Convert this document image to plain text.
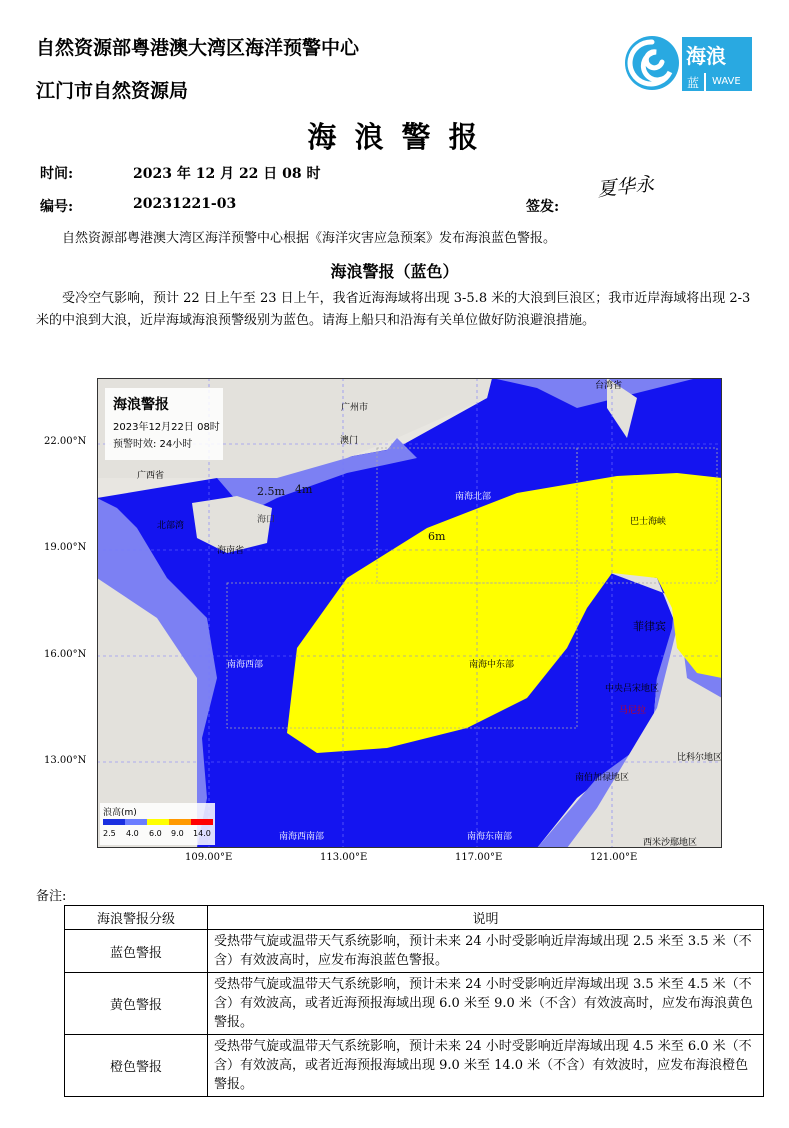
自然资源部粤港澳大湾区海洋预警中心
江门市自然资源局
海浪
蓝 WAVE
海 浪 警 报
时间:	2023 年 12 月 22 日 08 时
编号:	20231221-03	签发:
夏华永
自然资源部粤港澳大湾区海洋预警中心根据《海洋灾害应急预案》发布海浪蓝色警报。
海浪警报（蓝色）
受冷空气影响，预计 22 日上午至 23 日上午，我省近海海域将出现 3-5.8 米的大浪到巨浪区；我市近岸海域将出现 2-3 米的中浪到大浪，近岸海域海浪预警级别为蓝色。请海上船只和沿海有关单位做好防浪避浪措施。
海浪警报
2023年12月22日 08时
预警时效: 24小时
2.5m 4m
6m
广州市
澳门
台湾省
海口
海南省
广西省
北部湾
南海北部
巴士海峡
南海西部	南海中东部
菲律宾
中央吕宋地区
马尼拉
比科尔地区
南伯加禄地区
西米沙鄢地区
南海西南部	南海东南部
浪高(m)
2.5 4.0 6.0 9.0 14.0
22.00°N
19.00°N
16.00°N
13.00°N
109.00°E	113.00°E	117.00°E	121.00°E
备注:
海浪警报分级	说明
蓝色警报	受热带气旋或温带天气系统影响，预计未来 24 小时受影响近岸海域出现 2.5 米至 3.5 米（不含）有效波高时，应发布海浪蓝色警报。
黄色警报	受热带气旋或温带天气系统影响，预计未来 24 小时受影响近岸海域出现 3.5 米至 4.5 米（不含）有效波高，或者近海预报海域出现 6.0 米至 9.0 米（不含）有效波高时，应发布海浪黄色警报。
橙色警报	受热带气旋或温带天气系统影响，预计未来 24 小时受影响近岸海域出现 4.5 米至 6.0 米（不含）有效波高，或者近海预报海域出现 9.0 米至 14.0 米（不含）有效波时，应发布海浪橙色警报。
